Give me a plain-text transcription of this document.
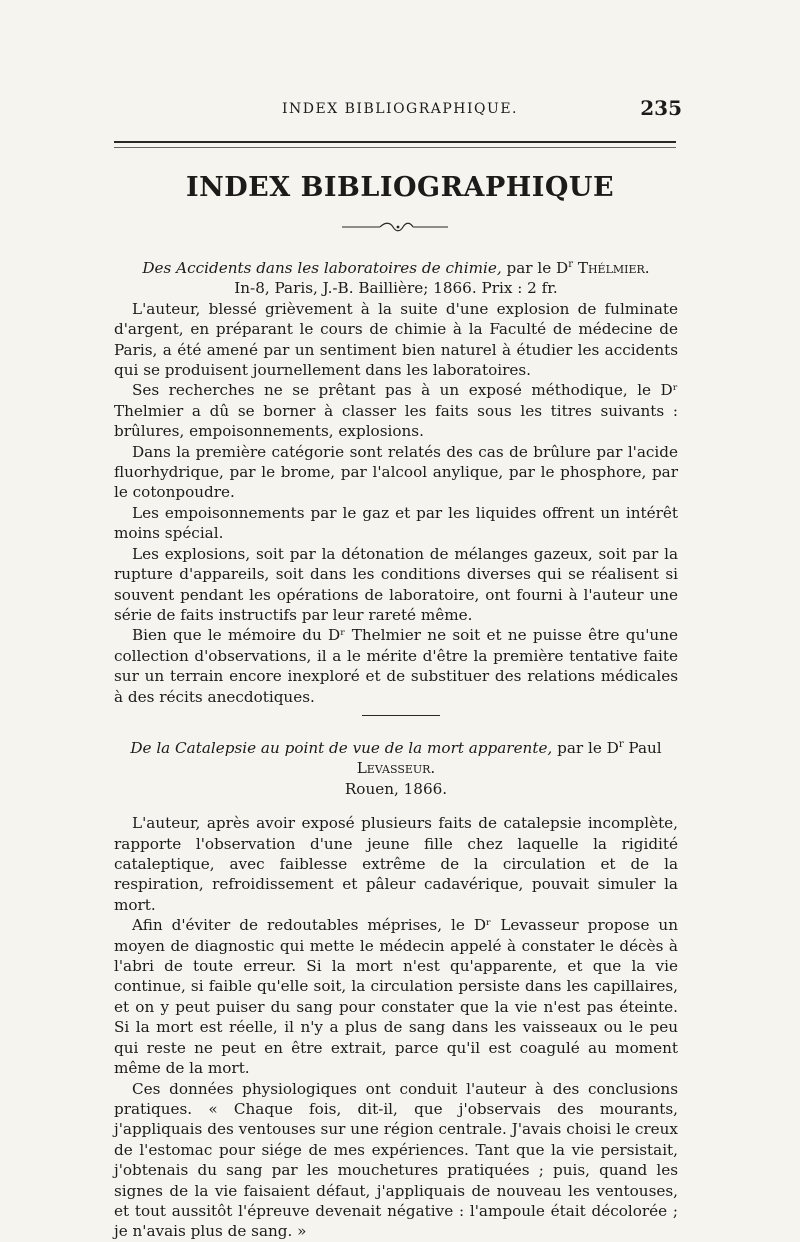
INDEX BIBLIOGRAPHIQUE.	235
INDEX BIBLIOGRAPHIQUE

Des Accidents dans les laboratoires de chimie, par le $D^r$ Thélmier.

In-8, Paris, J.-B. Baillière; 1866. Prix : 2 fr.

L'auteur, blessé grièvement à la suite d'une explosion de fulminate d'argent, en préparant le cours de chimie à la Faculté de médecine de Paris, a été amené par un sentiment bien naturel à étudier les accidents qui se produisent journellement dans les laboratoires.

Ses recherches ne se prêtant pas à un exposé méthodique, le Dʳ Thelmier a dû se borner à classer les faits sous les titres suivants : brûlures, empoisonnements, explosions.

Dans la première catégorie sont relatés des cas de brûlure par l'acide fluorhydrique, par le brome, par l'alcool anylique, par le phosphore, par le cotonpoudre.

Les empoisonnements par le gaz et par les liquides offrent un intérêt moins spécial.

Les explosions, soit par la détonation de mélanges gazeux, soit par la rupture d'appareils, soit dans les conditions diverses qui se réalisent si souvent pendant les opérations de laboratoire, ont fourni à l'auteur une série de faits instructifs par leur rareté même.

Bien que le mémoire du Dʳ Thelmier ne soit et ne puisse être qu'une collection d'observations, il a le mérite d'être la première tentative faite sur un terrain encore inexploré et de substituer des relations médicales à des récits anecdotiques.

De la Catalepsie au point de vue de la mort apparente, par le $D^r$ Paul Levasseur.

Rouen, 1866.

L'auteur, après avoir exposé plusieurs faits de catalepsie incomplète, rapporte l'observation d'une jeune fille chez laquelle la rigidité cataleptique, avec faiblesse extrême de la circulation et de la respiration, refroidissement et pâleur cadavérique, pouvait simuler la mort.

Afin d'éviter de redoutables méprises, le Dʳ Levasseur propose un moyen de diagnostic qui mette le médecin appelé à constater le décès à l'abri de toute erreur. Si la mort n'est qu'apparente, et que la vie continue, si faible qu'elle soit, la circulation persiste dans les capillaires, et on y peut puiser du sang pour constater que la vie n'est pas éteinte. Si la mort est réelle, il n'y a plus de sang dans les vaisseaux ou le peu qui reste ne peut en être extrait, parce qu'il est coagulé au moment même de la mort.

Ces données physiologiques ont conduit l'auteur à des conclusions pratiques. « Chaque fois, dit-il, que j'observais des mourants, j'appliquais des ventouses sur une région centrale. J'avais choisi le creux de l'estomac pour siége de mes expériences. Tant que la vie persistait, j'obtenais du sang par les mouchetures pratiquées ; puis, quand les signes de la vie faisaient défaut, j'appliquais de nouveau les ventouses, et tout aussitôt l'épreuve devenait négative : l'ampoule était décolorée ; je n'avais plus de sang. »
